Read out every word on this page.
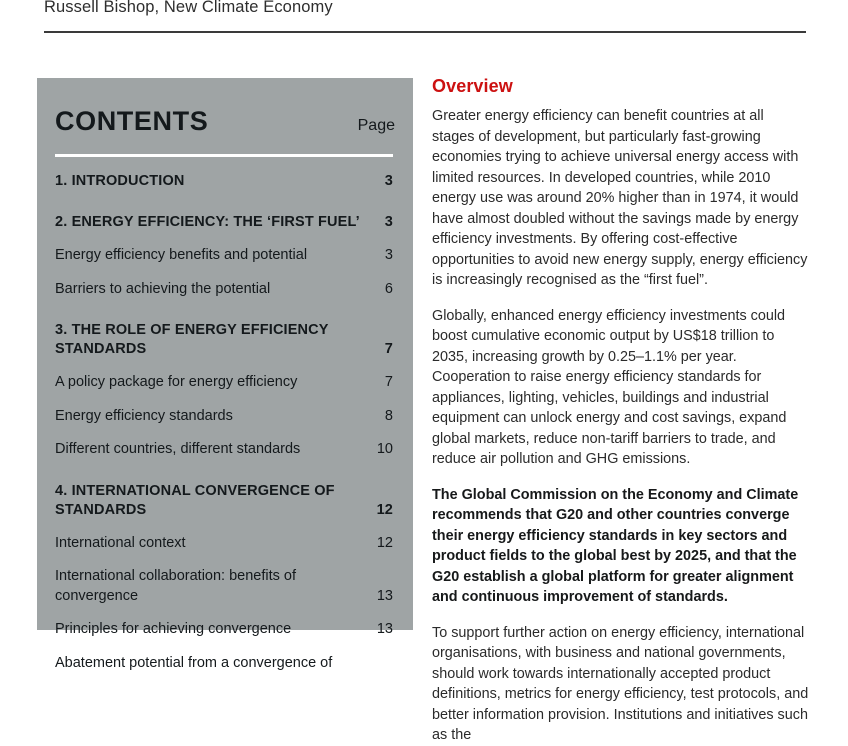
Russell Bishop, New Climate Economy
CONTENTS	Page
1. INTRODUCTION	3
2. ENERGY EFFICIENCY: THE ‘FIRST FUEL’	3
Energy efficiency benefits and potential	3
Barriers to achieving the potential	6
3. THE ROLE OF ENERGY EFFICIENCY STANDARDS	7
A policy package for energy efficiency	7
Energy efficiency standards	8
Different countries, different standards	10
4. INTERNATIONAL CONVERGENCE OF STANDARDS	12
International context	12
International collaboration: benefits of convergence	13
Principles for achieving convergence	13
Abatement potential from a convergence of
Overview
Greater energy efficiency can benefit countries at all stages of development, but particularly fast-growing economies trying to achieve universal energy access with limited resources. In developed countries, while 2010 energy use was around 20% higher than in 1974, it would have almost doubled without the savings made by energy efficiency investments. By offering cost-effective opportunities to avoid new energy supply, energy efficiency is increasingly recognised as the “first fuel”.
Globally, enhanced energy efficiency investments could boost cumulative economic output by US$18 trillion to 2035, increasing growth by 0.25–1.1% per year. Cooperation to raise energy efficiency standards for appliances, lighting, vehicles, buildings and industrial equipment can unlock energy and cost savings, expand global markets, reduce non-tariff barriers to trade, and reduce air pollution and GHG emissions.
The Global Commission on the Economy and Climate recommends that G20 and other countries converge their energy efficiency standards in key sectors and product fields to the global best by 2025, and that the G20 establish a global platform for greater alignment and continuous improvement of standards.
To support further action on energy efficiency, international organisations, with business and national governments, should work towards internationally accepted product definitions, metrics for energy efficiency, test protocols, and better information provision. Institutions and initiatives such as the
